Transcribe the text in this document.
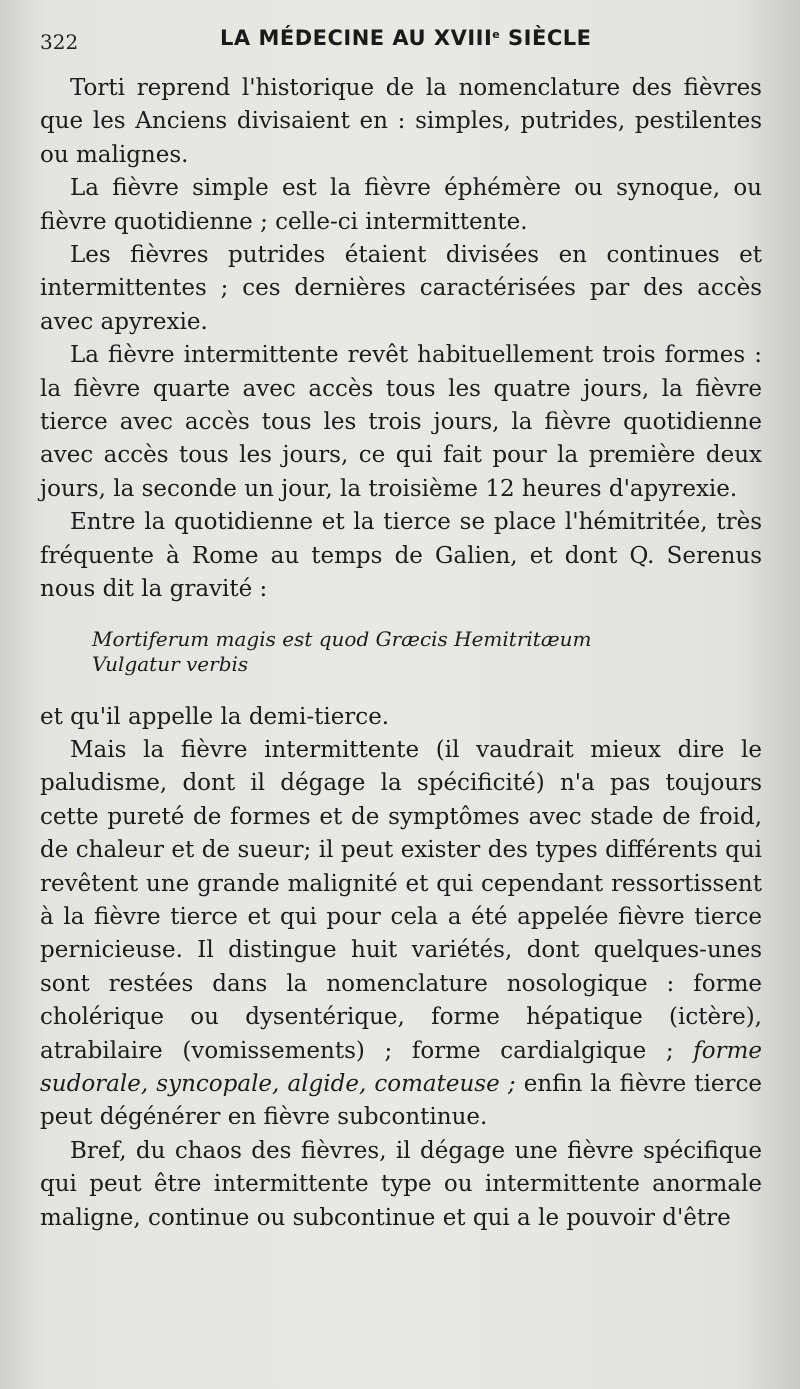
322	LA MÉDECINE AU XVIIIe SIÈCLE

Torti reprend l'historique de la nomenclature des fièvres que les Anciens divisaient en : simples, putrides, pestilentes ou malignes.

La fièvre simple est la fièvre éphémère ou synoque, ou fièvre quotidienne ; celle-ci intermittente.

Les fièvres putrides étaient divisées en continues et intermittentes ; ces dernières caractérisées par des accès avec apyrexie.

La fièvre intermittente revêt habituellement trois formes : la fièvre quarte avec accès tous les quatre jours, la fièvre tierce avec accès tous les trois jours, la fièvre quotidienne avec accès tous les jours, ce qui fait pour la première deux jours, la seconde un jour, la troisième 12 heures d'apyrexie.

Entre la quotidienne et la tierce se place l'hémitritée, très fréquente à Rome au temps de Galien, et dont Q. Serenus nous dit la gravité :

Mortiferum magis est quod Græcis Hemitritæum
Vulgatur verbis

et qu'il appelle la demi-tierce.

Mais la fièvre intermittente (il vaudrait mieux dire le paludisme, dont il dégage la spécificité) n'a pas toujours cette pureté de formes et de symptômes avec stade de froid, de chaleur et de sueur; il peut exister des types différents qui revêtent une grande malignité et qui cependant ressortissent à la fièvre tierce et qui pour cela a été appelée fièvre tierce pernicieuse. Il distingue huit variétés, dont quelques-unes sont restées dans la nomenclature nosologique : forme cholérique ou dysentérique, forme hépatique (ictère), atrabilaire (vomissements) ; forme cardialgique ; forme sudorale, syncopale, algide, comateuse ; enfin la fièvre tierce peut dégénérer en fièvre subcontinue.

Bref, du chaos des fièvres, il dégage une fièvre spécifique qui peut être intermittente type ou intermittente anormale maligne, continue ou subcontinue et qui a le pouvoir d'être
